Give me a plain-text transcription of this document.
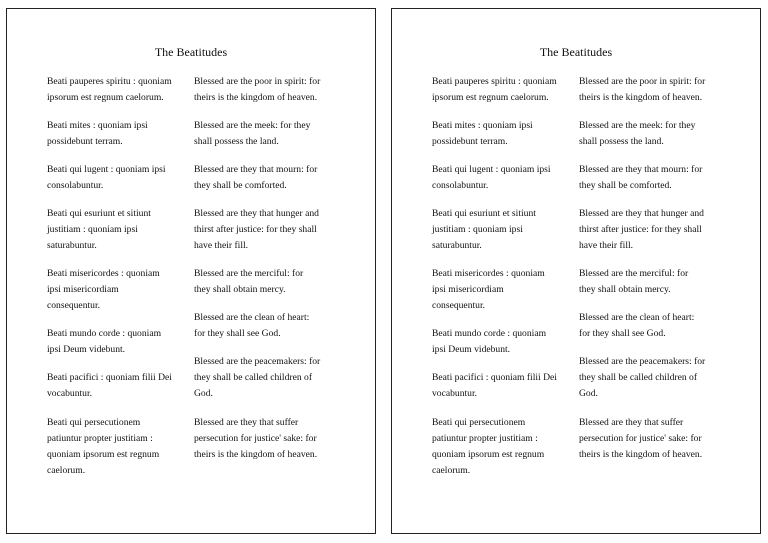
The Beatitudes
Beati pauperes spiritu : quoniam
ipsorum est regnum caelorum.
Blessed are the poor in spirit: for
theirs is the kingdom of heaven.
Beati mites : quoniam ipsi
possidebunt terram.
Blessed are the meek: for they
shall possess the land.
Beati qui lugent : quoniam ipsi
consolabuntur.
Blessed are they that mourn: for
they shall be comforted.
Beati qui esuriunt et sitiunt
justitiam : quoniam ipsi
saturabuntur.
Blessed are they that hunger and
thirst after justice: for they shall
have their fill.
Beati misericordes : quoniam
ipsi misericordiam
consequentur.
Blessed are the merciful: for
they shall obtain mercy.
Beati mundo corde : quoniam
ipsi Deum videbunt.
Blessed are the clean of heart:
for they shall see God.
Beati pacifici : quoniam filii Dei
vocabuntur.
Blessed are the peacemakers: for
they shall be called children of
God.
Beati qui persecutionem
patiuntur propter justitiam :
quoniam ipsorum est regnum
caelorum.
Blessed are they that suffer
persecution for justice' sake: for
theirs is the kingdom of heaven.
The Beatitudes
Beati pauperes spiritu : quoniam
ipsorum est regnum caelorum.
Blessed are the poor in spirit: for
theirs is the kingdom of heaven.
Beati mites : quoniam ipsi
possidebunt terram.
Blessed are the meek: for they
shall possess the land.
Beati qui lugent : quoniam ipsi
consolabuntur.
Blessed are they that mourn: for
they shall be comforted.
Beati qui esuriunt et sitiunt
justitiam : quoniam ipsi
saturabuntur.
Blessed are they that hunger and
thirst after justice: for they shall
have their fill.
Beati misericordes : quoniam
ipsi misericordiam
consequentur.
Blessed are the merciful: for
they shall obtain mercy.
Beati mundo corde : quoniam
ipsi Deum videbunt.
Blessed are the clean of heart:
for they shall see God.
Beati pacifici : quoniam filii Dei
vocabuntur.
Blessed are the peacemakers: for
they shall be called children of
God.
Beati qui persecutionem
patiuntur propter justitiam :
quoniam ipsorum est regnum
caelorum.
Blessed are they that suffer
persecution for justice' sake: for
theirs is the kingdom of heaven.
